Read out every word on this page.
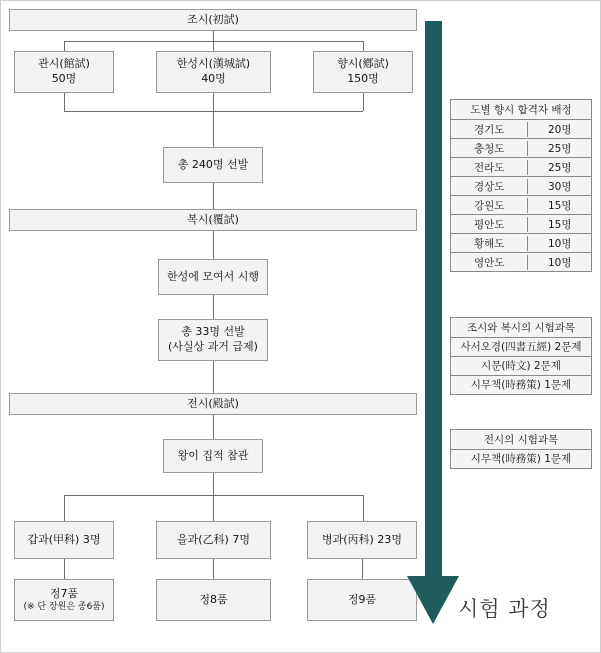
조시(初試)
관시(館試)
50명
한성시(漢城試)
40명
향시(鄕試)
150명
총 240명 선발
복시(覆試)
한성에 모여서 시행
총 33명 선발
(사실상 과거 급제)
전시(殿試)
왕이 집적 참관
갑과(甲科) 3명	을과(乙科) 7명	병과(丙科) 23명
정7품
(※ 단 장원은 종6품)
정8품	정9품	시험 과정
도별 향시 합격자 배정
경기도	20명
충청도	25명
전라도	25명
경상도	30명
강원도	15명
평안도	15명
황해도	10명
영안도	10명
조시와 복시의 시험과목
사서오경(四書五經) 2문제
시문(時文) 2문제
시무책(時務策) 1문제
전시의 시험과목
시무책(時務策) 1문제
